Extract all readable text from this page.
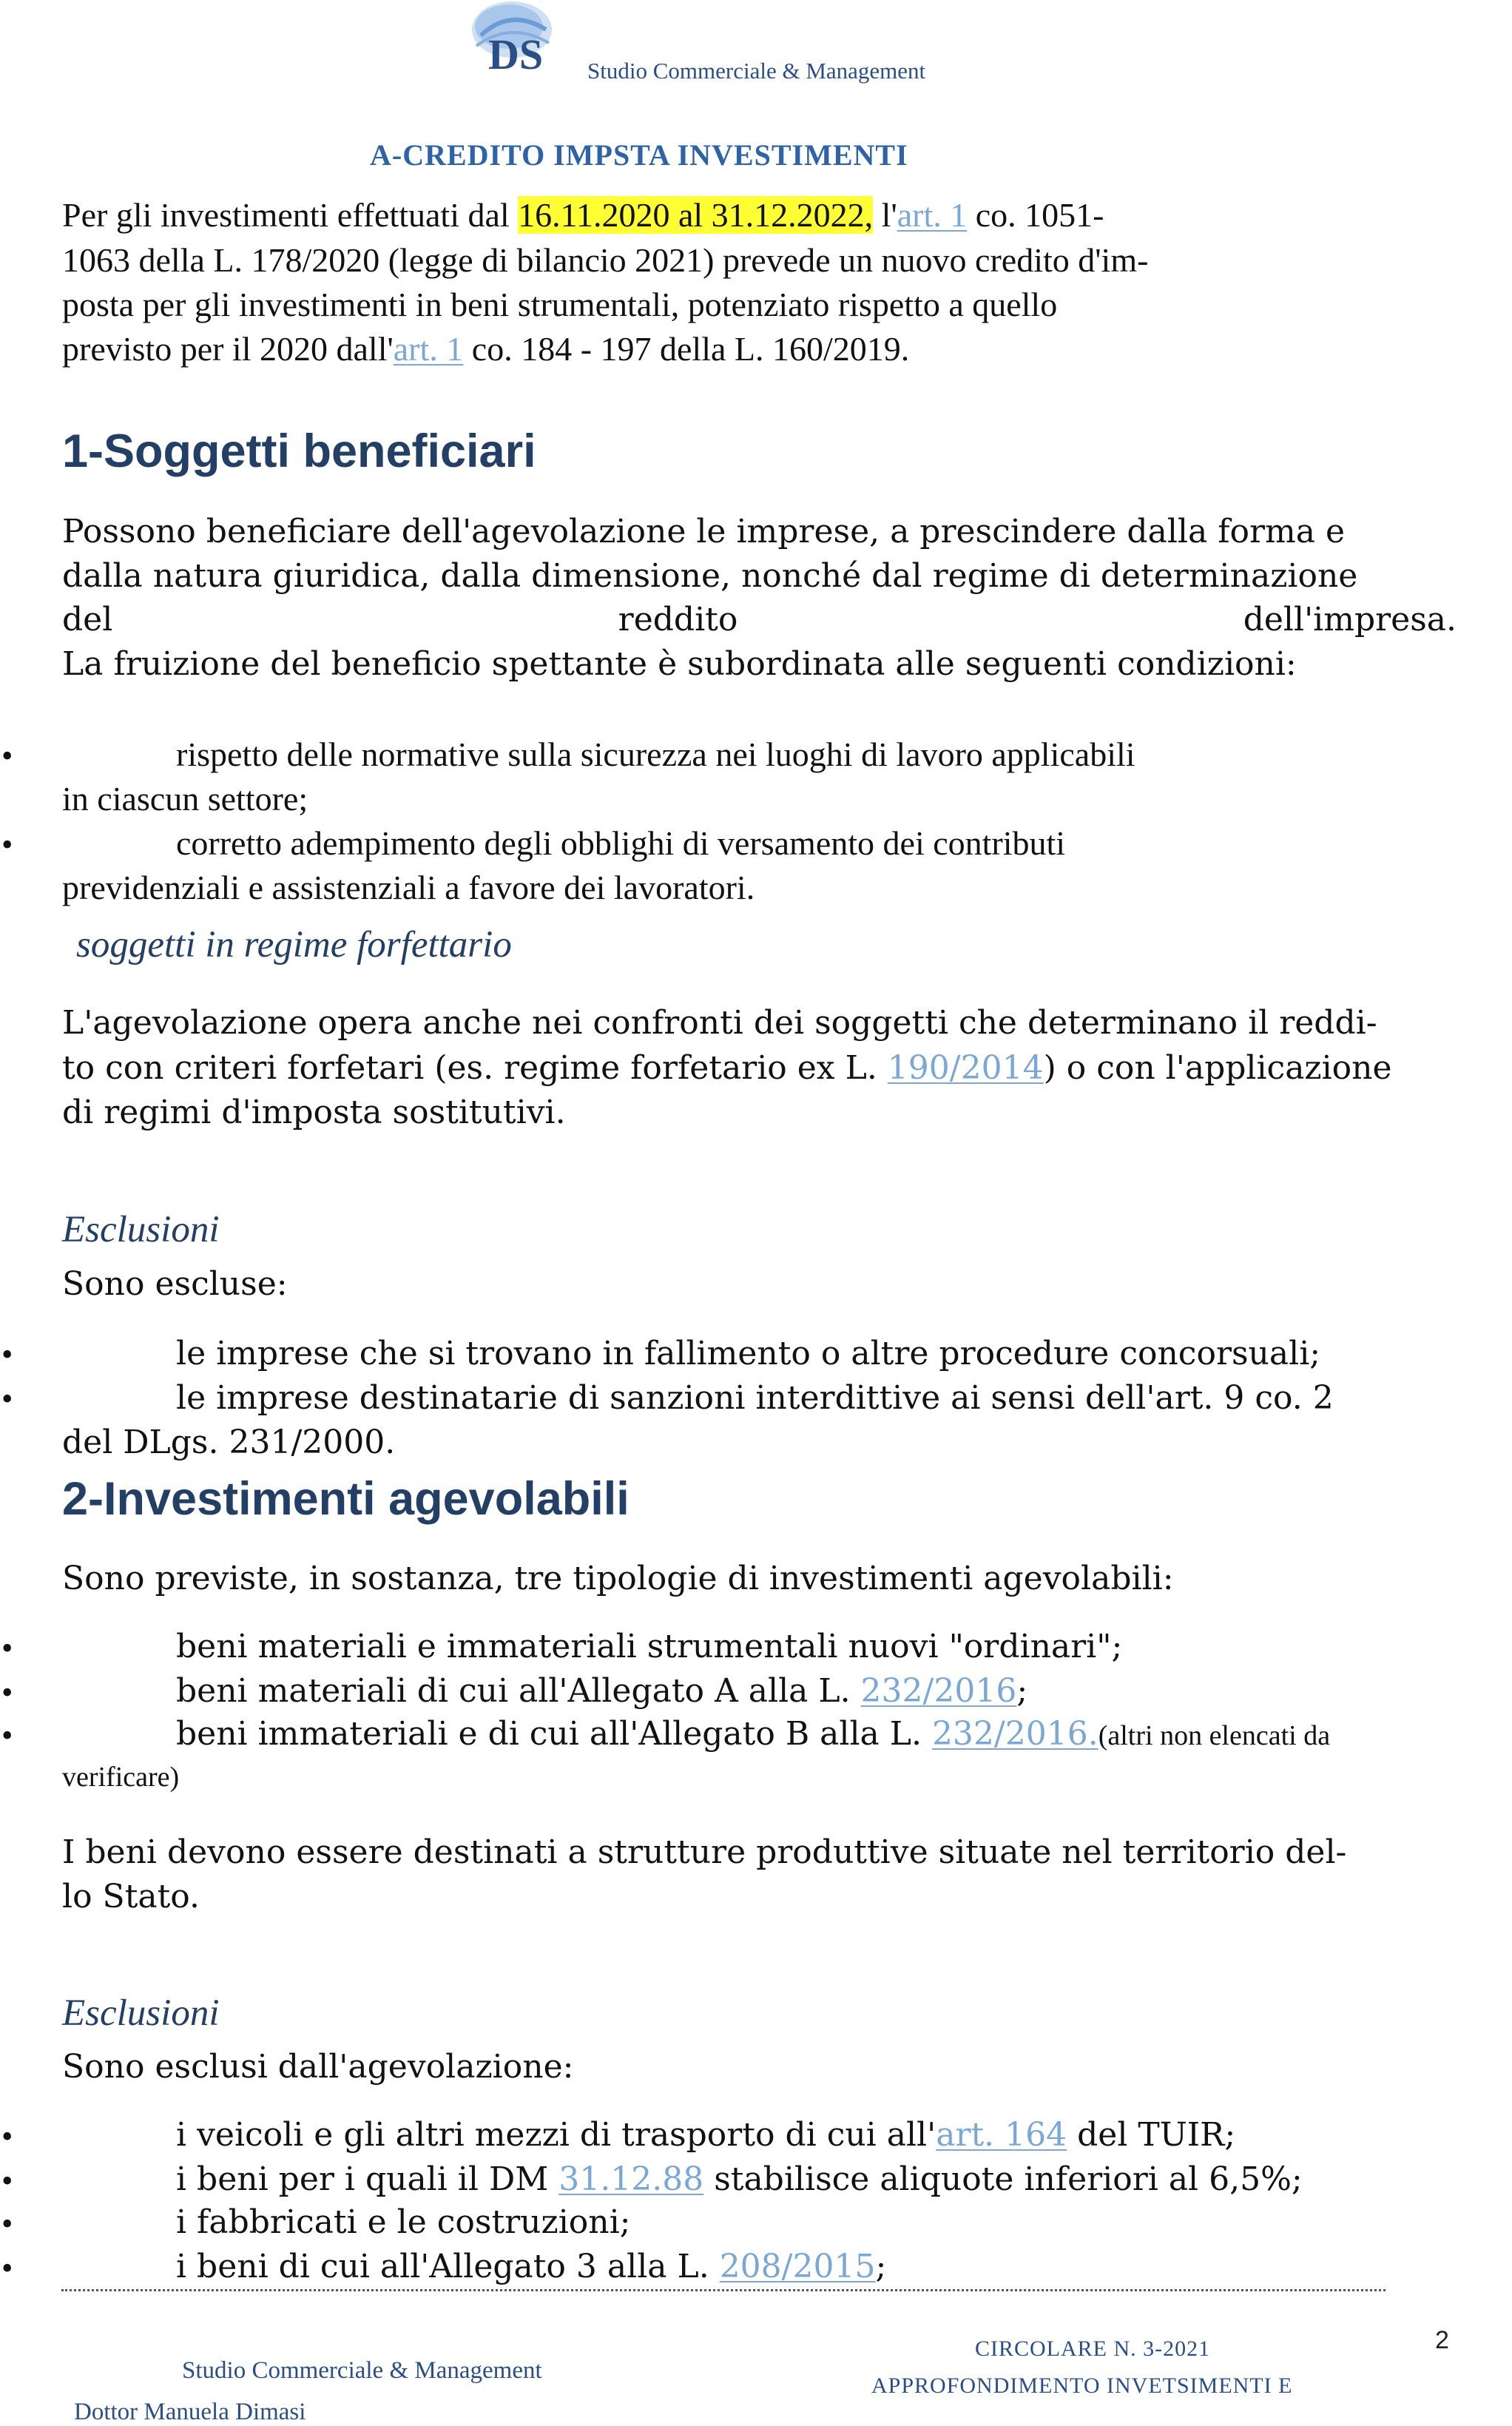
DS Studio Commerciale & Management
A-CREDITO IMPSTA INVESTIMENTI
Per gli investimenti effettuati dal 16.11.2020 al 31.12.2022, l'art. 1 co. 1051-
1063 della L. 178/2020 (legge di bilancio 2021) prevede un nuovo credito d'im-
posta per gli investimenti in beni strumentali, potenziato rispetto a quello
previsto per il 2020 dall'art. 1 co. 184 - 197 della L. 160/2019.
1-Soggetti beneficiari
Possono beneficiare dell'agevolazione le imprese, a prescindere dalla forma e
dalla natura giuridica, dalla dimensione, nonché dal regime di determinazione
del	reddito	dell'impresa.
La fruizione del beneficio spettante è subordinata alle seguenti condizioni:
•	rispetto delle normative sulla sicurezza nei luoghi di lavoro applicabili
in ciascun settore;
•	corretto adempimento degli obblighi di versamento dei contributi
previdenziali e assistenziali a favore dei lavoratori.
soggetti in regime forfettario
L'agevolazione opera anche nei confronti dei soggetti che determinano il reddi-
to con criteri forfetari (es. regime forfetario ex L. 190/2014) o con l'applicazione
di regimi d'imposta sostitutivi.
Esclusioni
Sono escluse:
•	le imprese che si trovano in fallimento o altre procedure concorsuali;
•	le imprese destinatarie di sanzioni interdittive ai sensi dell'art. 9 co. 2
del DLgs. 231/2000.
2-Investimenti agevolabili
Sono previste, in sostanza, tre tipologie di investimenti agevolabili:
•	beni materiali e immateriali strumentali nuovi "ordinari";
•	beni materiali di cui all'Allegato A alla L. 232/2016;
•	beni immateriali e di cui all'Allegato B alla L. 232/2016.(altri non elencati da
verificare)
I beni devono essere destinati a strutture produttive situate nel territorio del-
lo Stato.
Esclusioni
Sono esclusi dall'agevolazione:
•	i veicoli e gli altri mezzi di trasporto di cui all'art. 164 del TUIR;
•	i beni per i quali il DM 31.12.88 stabilisce aliquote inferiori al 6,5%;
•	i fabbricati e le costruzioni;
•	i beni di cui all'Allegato 3 alla L. 208/2015;
Studio Commerciale & Management
Dottor Manuela Dimasi
CIRCOLARE N. 3-2021
APPROFONDIMENTO INVETSIMENTI E
2
